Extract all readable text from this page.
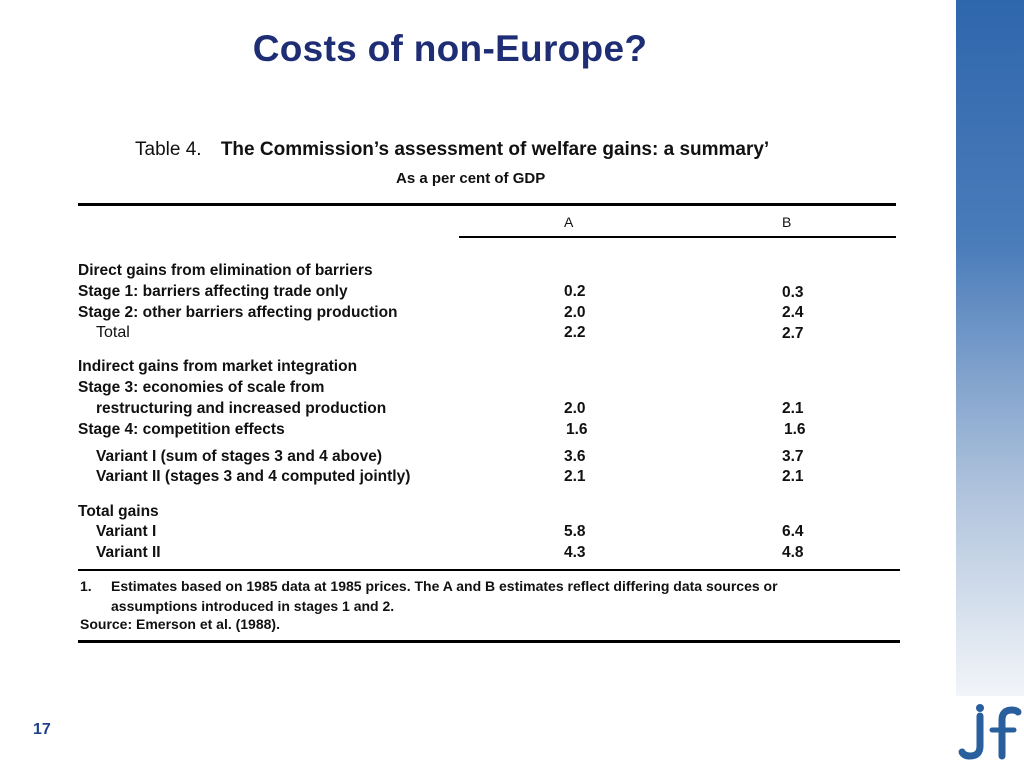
Costs of non-Europe?
Table 4. The Commission’s assessment of welfare gains: a summary’
As a per cent of GDP
A	B
Direct gains from elimination of barriers
Stage 1: barriers affecting trade only
Stage 2: other barriers affecting production
Total
Indirect gains from market integration
Stage 3: economies of scale from
restructuring and increased production
Stage 4: competition effects
Variant I (sum of stages 3 and 4 above)
Variant II (stages 3 and 4 computed jointly)
Total gains
Variant I
Variant II
0.2
2.0
2.2
2.0
1.6
3.6
2.1
5.8
4.3
0.3
2.4
2.7
2.1
1.6
3.7
2.1
6.4
4.8
1. Estimates based on 1985 data at 1985 prices. The A and B estimates reflect differing data sources or
assumptions introduced in stages 1 and 2.
Source: Emerson et al. (1988).
17
